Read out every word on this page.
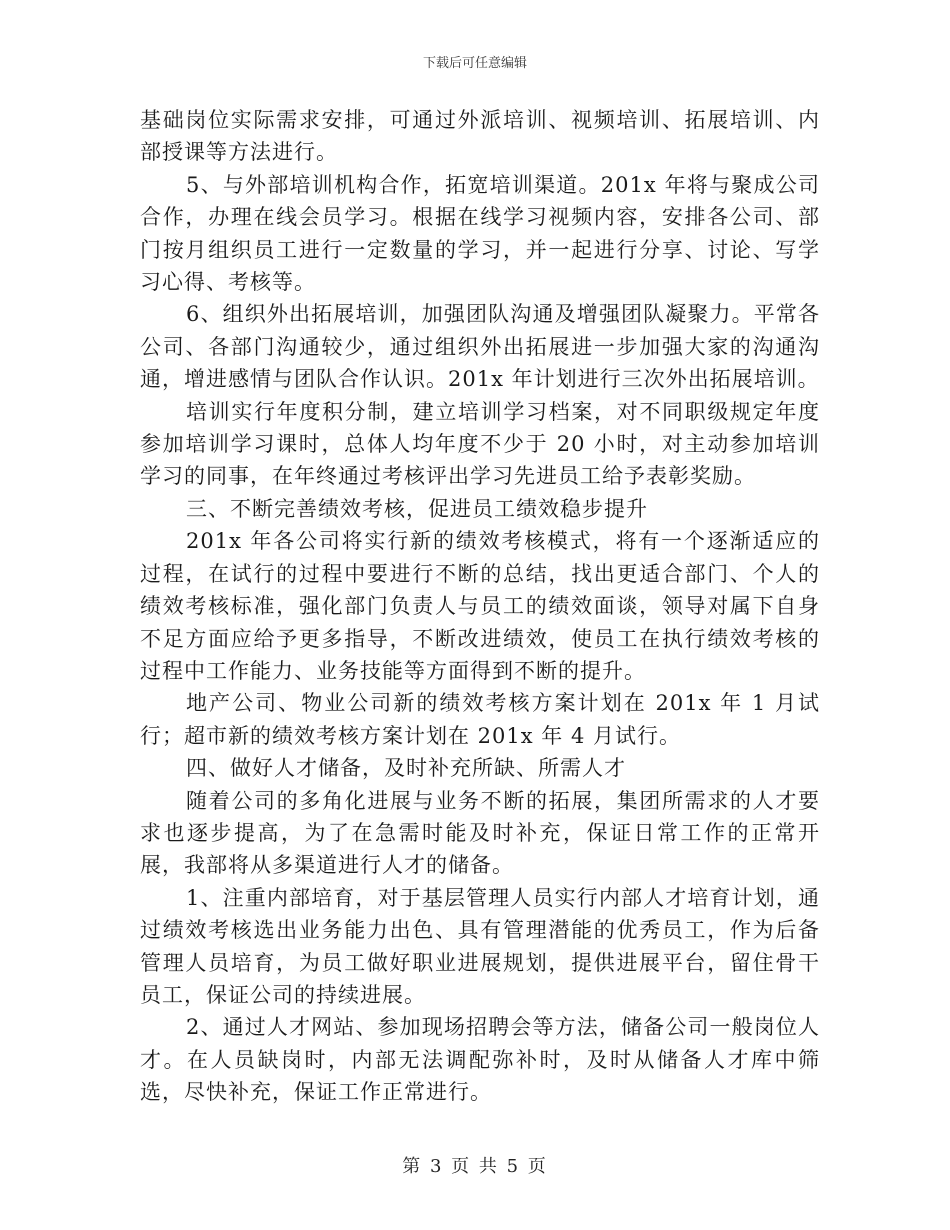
下载后可任意编辑

基础岗位实际需求安排，可通过外派培训、视频培训、拓展培训、内部授课等方法进行。

5、与外部培训机构合作，拓宽培训渠道。201x 年将与聚成公司合作，办理在线会员学习。根据在线学习视频内容，安排各公司、部门按月组织员工进行一定数量的学习，并一起进行分享、讨论、写学习心得、考核等。

6、组织外出拓展培训，加强团队沟通及增强团队凝聚力。平常各公司、各部门沟通较少，通过组织外出拓展进一步加强大家的沟通沟通，增进感情与团队合作认识。201x 年计划进行三次外出拓展培训。

培训实行年度积分制，建立培训学习档案，对不同职级规定年度参加培训学习课时，总体人均年度不少于 20 小时，对主动参加培训学习的同事，在年终通过考核评出学习先进员工给予表彰奖励。

三、不断完善绩效考核，促进员工绩效稳步提升

201x 年各公司将实行新的绩效考核模式，将有一个逐渐适应的过程，在试行的过程中要进行不断的总结，找出更适合部门、个人的绩效考核标准，强化部门负责人与员工的绩效面谈，领导对属下自身不足方面应给予更多指导，不断改进绩效，使员工在执行绩效考核的过程中工作能力、业务技能等方面得到不断的提升。

地产公司、物业公司新的绩效考核方案计划在 201x 年 1 月试行；超市新的绩效考核方案计划在 201x 年 4 月试行。

四、做好人才储备，及时补充所缺、所需人才

随着公司的多角化进展与业务不断的拓展，集团所需求的人才要求也逐步提高，为了在急需时能及时补充，保证日常工作的正常开展，我部将从多渠道进行人才的储备。

1、注重内部培育，对于基层管理人员实行内部人才培育计划，通过绩效考核选出业务能力出色、具有管理潜能的优秀员工，作为后备管理人员培育，为员工做好职业进展规划，提供进展平台，留住骨干员工，保证公司的持续进展。

2、通过人才网站、参加现场招聘会等方法，储备公司一般岗位人才。在人员缺岗时，内部无法调配弥补时，及时从储备人才库中筛选，尽快补充，保证工作正常进行。

第 3 页 共 5 页
